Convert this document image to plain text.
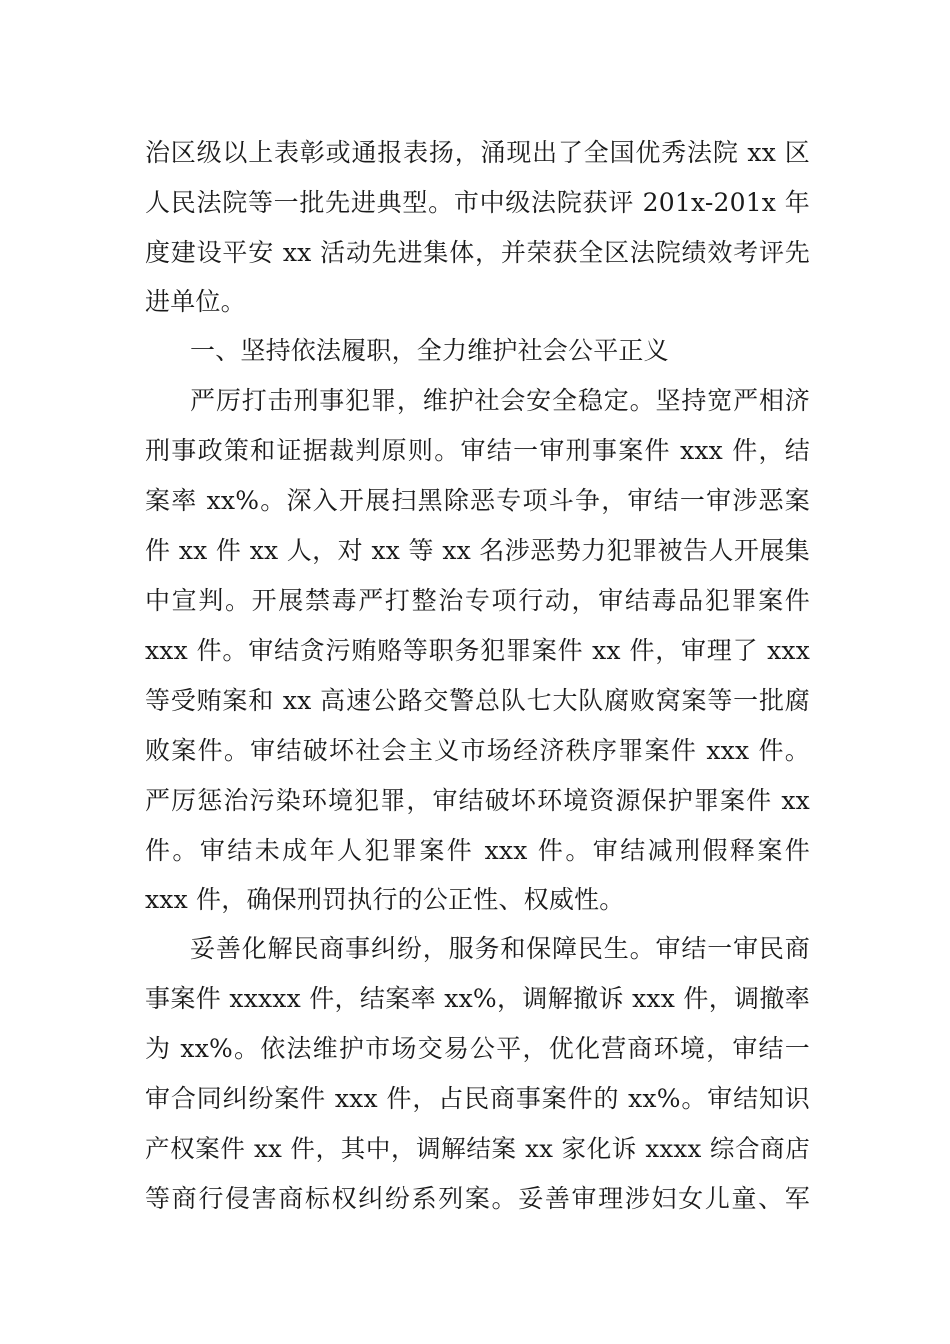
治区级以上表彰或通报表扬，涌现出了全国优秀法院 xx 区
人民法院等一批先进典型。市中级法院获评 201x-201x 年
度建设平安 xx 活动先进集体，并荣获全区法院绩效考评先
进单位。
一、坚持依法履职，全力维护社会公平正义
严厉打击刑事犯罪，维护社会安全稳定。坚持宽严相济
刑事政策和证据裁判原则。审结一审刑事案件 xxx 件，结
案率 xx%。深入开展扫黑除恶专项斗争，审结一审涉恶案
件 xx 件 xx 人，对 xx 等 xx 名涉恶势力犯罪被告人开展集
中宣判。开展禁毒严打整治专项行动，审结毒品犯罪案件
xxx 件。审结贪污贿赂等职务犯罪案件 xx 件，审理了 xxx
等受贿案和 xx 高速公路交警总队七大队腐败窝案等一批腐
败案件。审结破坏社会主义市场经济秩序罪案件 xxx 件。
严厉惩治污染环境犯罪，审结破坏环境资源保护罪案件 xx
件。审结未成年人犯罪案件 xxx 件。审结减刑假释案件
xxx 件，确保刑罚执行的公正性、权威性。
妥善化解民商事纠纷，服务和保障民生。审结一审民商
事案件 xxxxx 件，结案率 xx%，调解撤诉 xxx 件，调撤率
为 xx%。依法维护市场交易公平，优化营商环境，审结一
审合同纠纷案件 xxx 件，占民商事案件的 xx%。审结知识
产权案件 xx 件，其中，调解结案 xx 家化诉 xxxx 综合商店
等商行侵害商标权纠纷系列案。妥善审理涉妇女儿童、军
